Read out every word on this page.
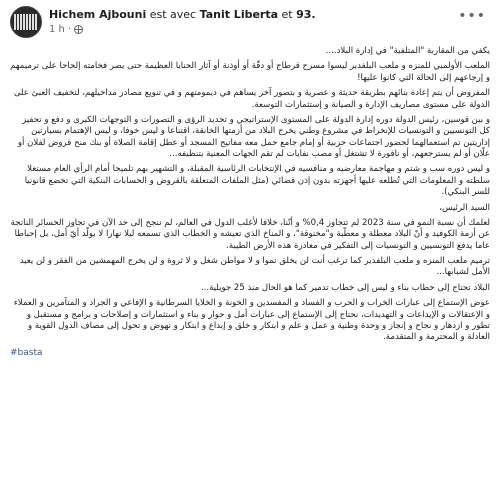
Hichem Ajbouni est avec Tanit Liberta et 93.
1 h ·
•••

يكفي من المقاربة "المتلفية" في إدارة البلاد....

الملعب الأولمبي للمنزه و ملعب البلفدير ليسوا مسرح قرطاج أو دقّة أو أوذنة أو آثار الحنايا العظيمة حتى يصر فخامته إلحاحا على ترميمهم و إرجاعهم إلى الحالة التي كانوا عليها!

المفروض أن يتم إعادة بنائهم بطريقة حديثة و عصرية و بتصور آخر يساهم في ديمومتهم و في تنويع مصادر مداخيلهم، لتخفيف العبئ على الدولة على مستوى مصاريف الإدارة و الصيانة و إستثمارات التوسعة.

و بين قوسين، رئيس الدولة دوره إدارة الدولة على المستوى الإستراتيجي و تحديد الرؤى و التصورات و التوجهات الكبرى و دفع و تحفيز كل التونسيين و التونسيات للإنخراط في مشروع وطني يخرج البلاد من أزمتها الخانقة، اقتناعا و ليس خوفا، و ليس الإهتمام بسيارتين إداريتين تم استعمالهما لحضور اجتماعات حزبية أو إمام جامع حمل معه مفاتيح المسجد أو عطل إقامة الصلاة أو بنك منح قروض لفلان أو علّان أو لم يسترجعهم، أو نافورة لا تشتغل أو مصب نفايات لم تقم الجهات المعنية بتنظيفه...

و ليس دوره سب و شتم و مهاجمة معارضيه و منافسيه في الإنتخابات الرئاسية المقبلة، و التشهير بهم تلميحا أمام الرأي العام مستغلا سلطته و المعلومات التي تُطلعه عليها أجهزته بدون إذن قضائي (مثل الملفات المتعلقة بالقروض و الحسابات البنكية التي تخضع قانونيا للسر البنكي).

السيد الرئيس،

لعلمك أن نسبة النمو في سنة 2023 لم تتجاوز 0,4% و أنّنا، خلافا لأغلب الدول في العالم، لم ننجح إلى حد الآن في تجاوز الخسائر الناتجة عن أزمة الكوفيد و أنّ البلاد معطلة و معطّبة و"مخنوقة"، و المناخ الذي تعيشه و الخطاب الذي تسمعه ليلا نهارا لا يولّد أيّ أمل، بل إحباطا عاما يدفع التونسيين و التونسيات إلى التفكير في مغادرة هذه الأرض الطيبة.

ترميم ملعب المنزه و ملعب البلفدير كما ترغب أنت لن يخلق نموا و لا مواطن شغل و لا ثروة و لن يخرج المهمشين من الفقر و لن يعيد الأمل لشبابها...

البلاد تحتاج إلى خطاب بناء و ليس إلى خطاب تدمير كما هو الحال منذ 25 جويلية...

عوض الإستماع إلى عبارات الخراب و الحرب و الفساد و المفسدين و الخونة و الخلايا السرطانية و الإفاعي و الجراد و المتآمرين و العملاء و الإعتقالات و الإيداعات و التهديدات، نحتاج إلى الإستماع إلى عبارات أمل و حوار و بناء و استثمارات و إصلاحات و برامج و مستقبل و تطور و ازدهار و نجاح و إنجاز و وحدة وطنية و عمل و علم و ابتكار و خلق و إبداع و ابتكار و نهوض و تحول إلى مصاف الدول القوية و العادلة و المحترمة و المتقدمة.

#basta
